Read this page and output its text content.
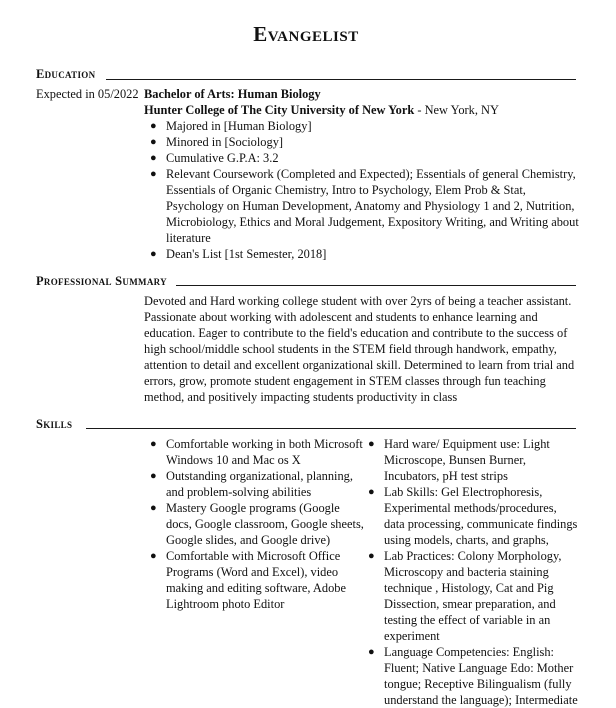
Evangelist
Education
Expected in 05/2022 Bachelor of Arts: Human Biology
Hunter College of The City University of New York - New York, NY
● Majored in [Human Biology]
● Minored in [Sociology]
● Cumulative G.P.A: 3.2
● Relevant Coursework (Completed and Expected); Essentials of general Chemistry, Essentials of Organic Chemistry, Intro to Psychology, Elem Prob & Stat, Psychology on Human Development, Anatomy and Physiology 1 and 2, Nutrition, Microbiology, Ethics and Moral Judgement, Expository Writing, and Writing about literature
● Dean's List [1st Semester, 2018]
Professional Summary
Devoted and Hard working college student with over 2yrs of being a teacher assistant. Passionate about working with adolescent and students to enhance learning and education. Eager to contribute to the field's education and contribute to the success of high school/middle school students in the STEM field through handwork, empathy, attention to detail and excellent organizational skill. Determined to learn from trial and errors, grow, promote student engagement in STEM classes through fun teaching method, and positively impacting students productivity in class
Skills
● Comfortable working in both Microsoft Windows 10 and Mac os X
● Outstanding organizational, planning, and problem-solving abilities
● Mastery Google programs (Google docs, Google classroom, Google sheets, Google slides, and Google drive)
● Comfortable with Microsoft Office Programs (Word and Excel), video making and editing software, Adobe Lightroom photo Editor
● Hard ware/ Equipment use: Light Microscope, Bunsen Burner, Incubators, pH test strips
● Lab Skills: Gel Electrophoresis, Experimental methods/procedures, data processing, communicate findings using models, charts, and graphs,
● Lab Practices: Colony Morphology, Microscopy and bacteria staining technique , Histology, Cat and Pig Dissection, smear preparation, and testing the effect of variable in an experiment
● Language Competencies: English: Fluent; Native Language Edo: Mother tongue; Receptive Bilingualism (fully understand the language); Intermediate
